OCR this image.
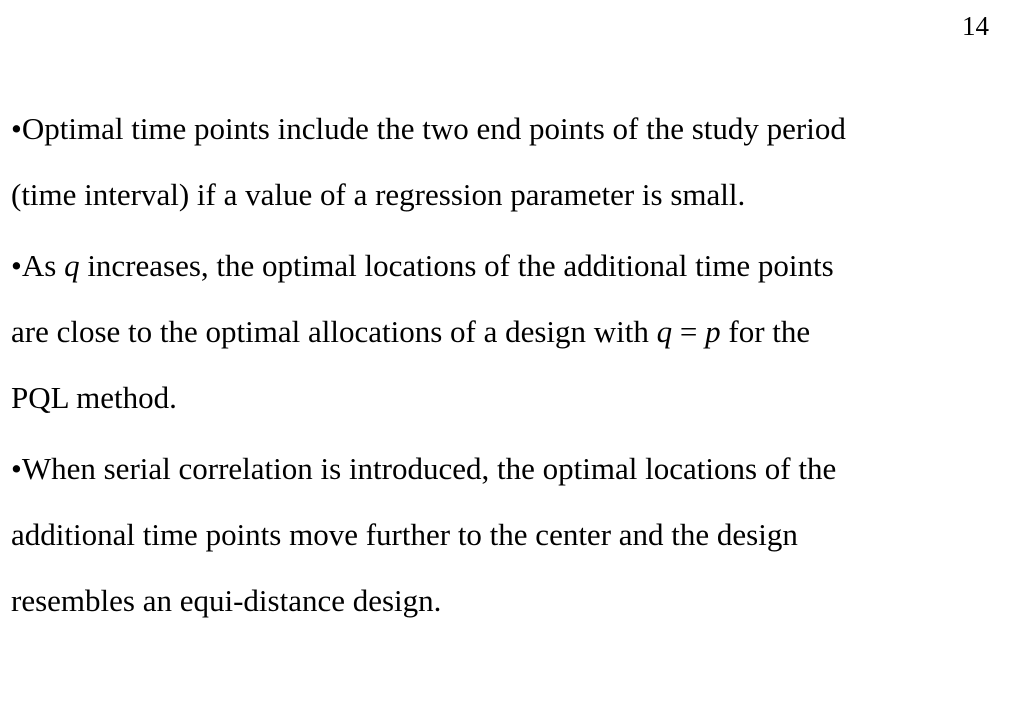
14
•Optimal time points include the two end points of the study period
(time interval) if a value of a regression parameter is small.
•As q increases, the optimal locations of the additional time points
are close to the optimal allocations of a design with q = p for the
PQL method.
•When serial correlation is introduced, the optimal locations of the
additional time points move further to the center and the design
resembles an equi-distance design.
